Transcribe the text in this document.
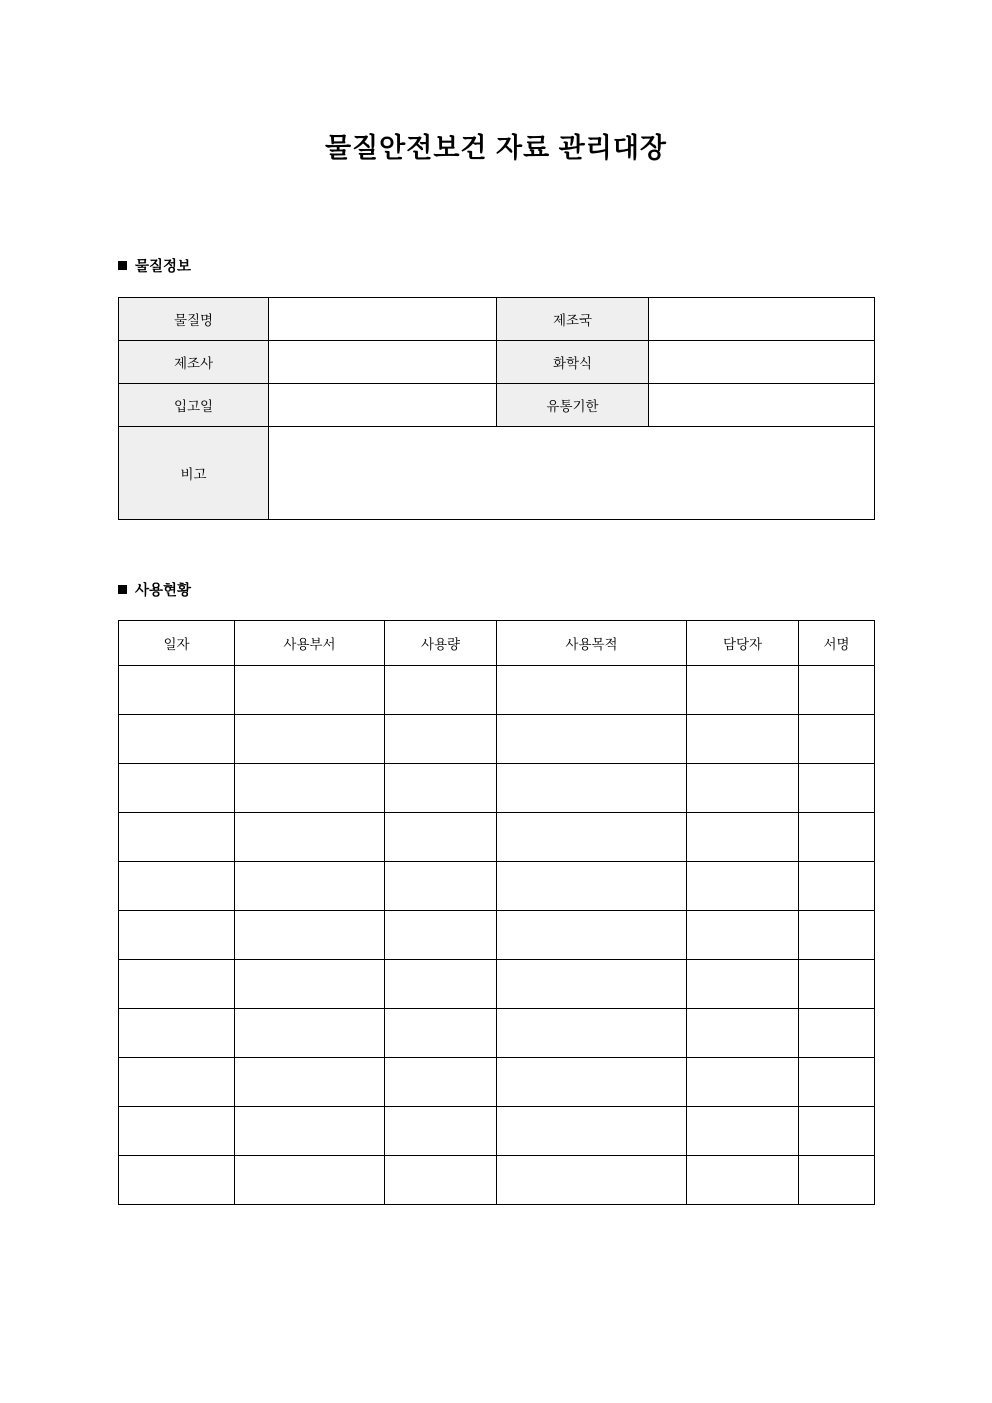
물질안전보건 자료 관리대장
물질정보
물질명		제조국	
제조사		화학식	
입고일		유통기한	
비고			
사용현황
일자	사용부서	사용량	사용목적	담당자	서명
